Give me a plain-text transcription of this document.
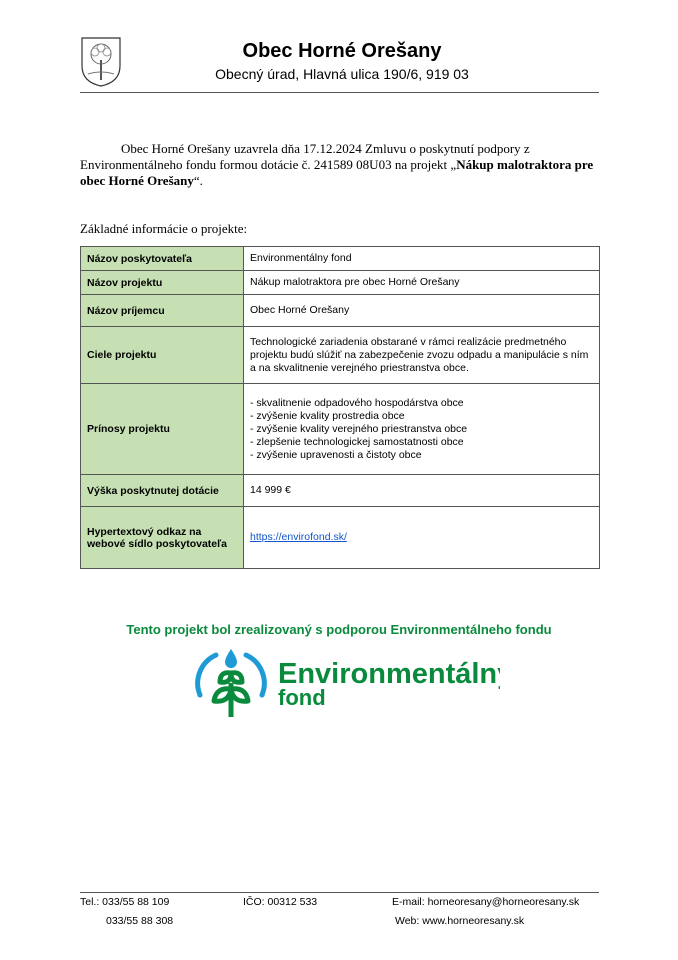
Obec Horné Orešany
Obecný úrad, Hlavná ulica 190/6, 919 03
Obec Horné Orešany uzavrela dňa 17.12.2024 Zmluvu o poskytnutí podpory z Environmentálneho fondu formou dotácie č. 241589 08U03 na projekt „Nákup malotraktora pre obec Horné Orešany“.
Základné informácie o projekte:
Názov poskytovateľa	Environmentálny fond
Názov projektu	Nákup malotraktora pre obec Horné Orešany
Názov príjemcu	Obec Horné Orešany
Ciele projektu	Technologické zariadenia obstarané v rámci realizácie predmetného projektu budú slúžiť na zabezpečenie zvozu odpadu a manipulácie s ním a na skvalitnenie verejného priestranstva obce.
Prínosy projektu	- skvalitnenie odpadového hospodárstva obce
- zvýšenie kvality prostredia obce
- zvýšenie kvality verejného priestranstva obce
- zlepšenie technologickej samostatnosti obce
- zvýšenie upravenosti a čistoty obce

Výška poskytnutej dotácie	14 999 €
Hypertextový odkaz na webové sídlo poskytovateľa	https://envirofond.sk/
Tento projekt bol zrealizovaný s podporou Environmentálneho fondu
Environmentálny
fond
Tel.: 033/55 88 109
033/55 88 308
IČO: 00312 533	E-mail: horneoresany@horneoresany.sk
Web: www.horneoresany.sk
